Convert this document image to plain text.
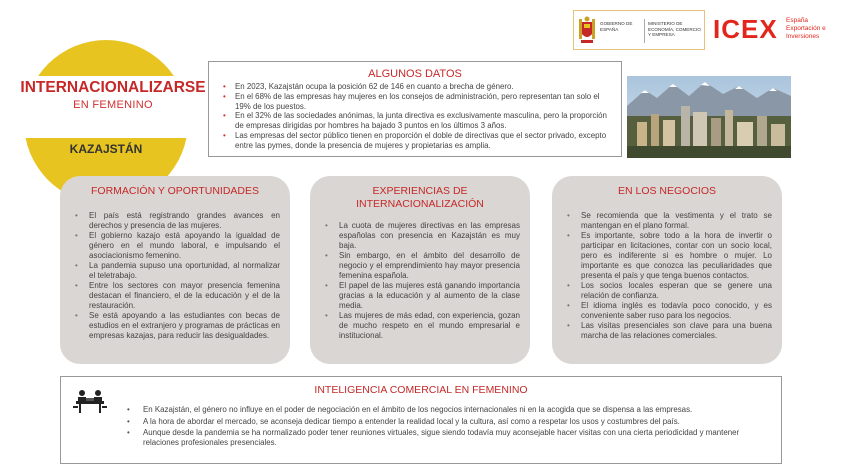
GOBIERNO DE ESPAÑA
MINISTERIO DE ECONOMÍA, COMERCIO Y EMPRESA	ICEX España Exportación e Inversiones
INTERNACIONALIZARSE
EN FEMENINO
KAZAJSTÁN
ALGUNOS DATOS
• En 2023, Kazajstán ocupa la posición 62 de 146 en cuanto a brecha de género.
• En el 68% de las empresas hay mujeres en los consejos de administración, pero representan tan solo el 19% de los puestos.
• En el 32% de las sociedades anónimas, la junta directiva es exclusivamente masculina, pero la proporción de empresas dirigidas por hombres ha bajado 3 puntos en los últimos 3 años.
• Las empresas del sector público tienen en proporción el doble de directivas que el sector privado, excepto entre las pymes, donde la presencia de mujeres y propietarias es amplia.
FORMACIÓN Y OPORTUNIDADES
• El país está registrando grandes avances en derechos y presencia de las mujeres.
• El gobierno kazajo está apoyando la igualdad de género en el mundo laboral, e impulsando el asociacionismo femenino.
• La pandemia supuso una oportunidad, al normalizar el teletrabajo.
• Entre los sectores con mayor presencia femenina destacan el financiero, el de la educación y el de la restauración.
• Se está apoyando a las estudiantes con becas de estudios en el extranjero y programas de prácticas en empresas kazajas, para reducir las desigualdades.
EXPERIENCIAS DE INTERNACIONALIZACIÓN
• La cuota de mujeres directivas en las empresas españolas con presencia en Kazajstán es muy baja.
• Sin embargo, en el ámbito del desarrollo de negocio y el emprendimiento hay mayor presencia femenina española.
• El papel de las mujeres está ganando importancia gracias a la educación y al aumento de la clase media.
• Las mujeres de más edad, con experiencia, gozan de mucho respeto en el mundo empresarial e institucional.
EN LOS NEGOCIOS
• Se recomienda que la vestimenta y el trato se mantengan en el plano formal.
• Es importante, sobre todo a la hora de invertir o participar en licitaciones, contar con un socio local, pero es indiferente si es hombre o mujer. Lo importante es que conozca las peculiaridades que presenta el país y que tenga buenos contactos.
• Los socios locales esperan que se genere una relación de confianza.
• El idioma inglés es todavía poco conocido, y es conveniente saber ruso para los negocios.
• Las visitas presenciales son clave para una buena marcha de las relaciones comerciales.
INTELIGENCIA COMERCIAL EN FEMENINO
• En Kazajstán, el género no influye en el poder de negociación en el ámbito de los negocios internacionales ni en la acogida que se dispensa a las empresas.
• A la hora de abordar el mercado, se aconseja dedicar tiempo a entender la realidad local y la cultura, así como a respetar los usos y costumbres del país.
• Aunque desde la pandemia se ha normalizado poder tener reuniones virtuales, sigue siendo todavía muy aconsejable hacer visitas con una cierta periodicidad y mantener relaciones profesionales presenciales.
